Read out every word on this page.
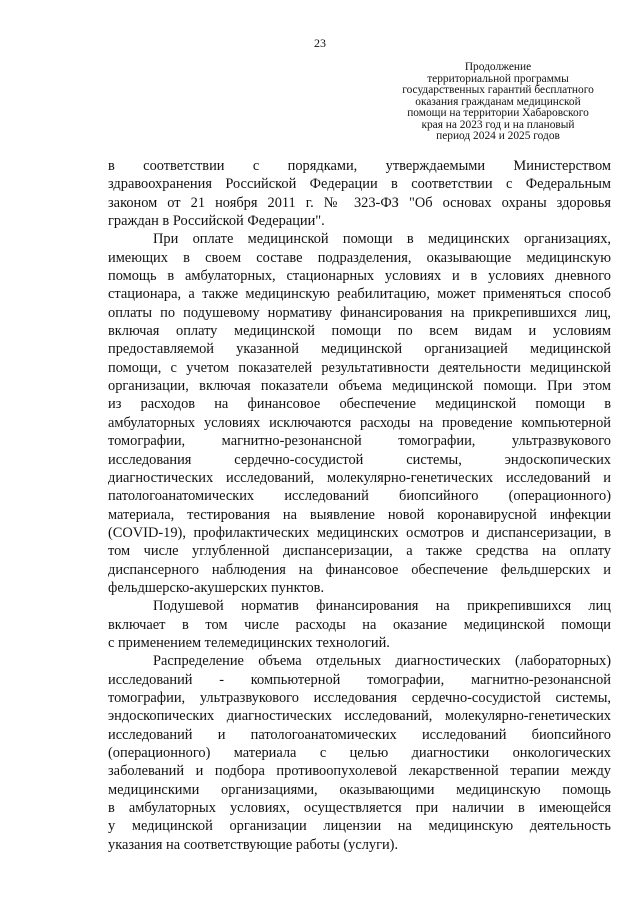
23
Продолжение
территориальной программы
государственных гарантий бесплатного
оказания гражданам медицинской
помощи на территории Хабаровского
края на 2023 год и на плановый
период 2024 и 2025 годов
в соответствии с порядками, утверждаемыми Министерством
здравоохранения Российской Федерации в соответствии с Федеральным
законом от 21 ноября 2011 г. № 323-ФЗ "Об основах охраны здоровья
граждан в Российской Федерации".
При оплате медицинской помощи в медицинских организациях,
имеющих в своем составе подразделения, оказывающие медицинскую
помощь в амбулаторных, стационарных условиях и в условиях дневного
стационара, а также медицинскую реабилитацию, может применяться способ
оплаты по подушевому нормативу финансирования на прикрепившихся лиц,
включая оплату медицинской помощи по всем видам и условиям
предоставляемой указанной медицинской организацией медицинской
помощи, с учетом показателей результативности деятельности медицинской
организации, включая показатели объема медицинской помощи. При этом
из расходов на финансовое обеспечение медицинской помощи в
амбулаторных условиях исключаются расходы на проведение компьютерной
томографии, магнитно-резонансной томографии, ультразвукового
исследования сердечно-сосудистой системы, эндоскопических
диагностических исследований, молекулярно-генетических исследований и
патологоанатомических исследований биопсийного (операционного)
материала, тестирования на выявление новой коронавирусной инфекции
(COVID-19), профилактических медицинских осмотров и диспансеризации, в
том числе углубленной диспансеризации, а также средства на оплату
диспансерного наблюдения на финансовое обеспечение фельдшерских и
фельдшерско-акушерских пунктов.
Подушевой норматив финансирования на прикрепившихся лиц
включает в том числе расходы на оказание медицинской помощи
с применением телемедицинских технологий.
Распределение объема отдельных диагностических (лабораторных)
исследований - компьютерной томографии, магнитно-резонансной
томографии, ультразвукового исследования сердечно-сосудистой системы,
эндоскопических диагностических исследований, молекулярно-генетических
исследований и патологоанатомических исследований биопсийного
(операционного) материала с целью диагностики онкологических
заболеваний и подбора противоопухолевой лекарственной терапии между
медицинскими организациями, оказывающими медицинскую помощь
в амбулаторных условиях, осуществляется при наличии в имеющейся
у медицинской организации лицензии на медицинскую деятельность
указания на соответствующие работы (услуги).
